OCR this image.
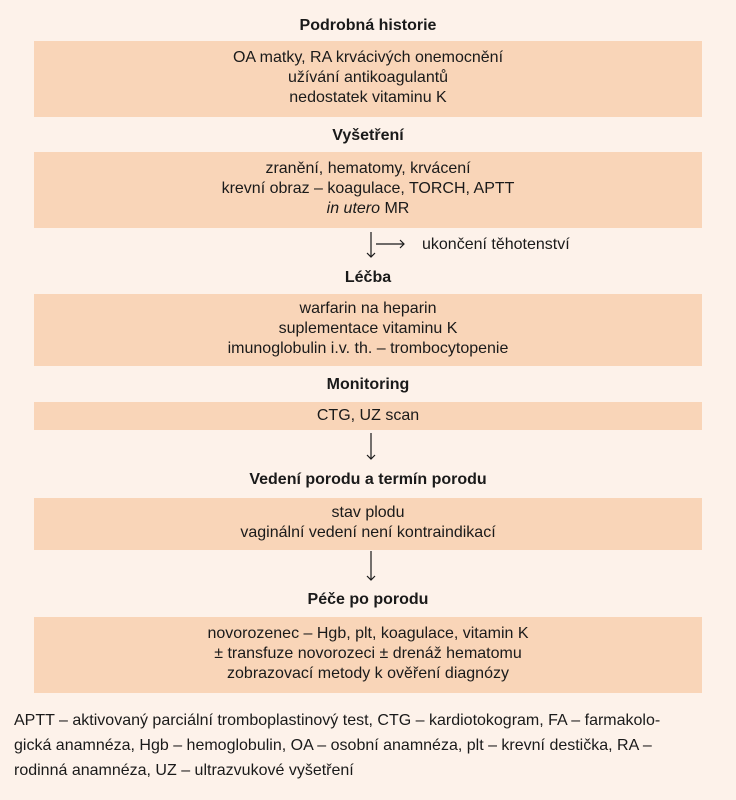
Podrobná historie
OA matky, RA krvácivých onemocnění
užívání antikoagulantů
nedostatek vitaminu K
Vyšetření
zranění, hematomy, krvácení
krevní obraz – koagulace, TORCH, APTT
in utero MR
ukončení těhotenství
Léčba
warfarin na heparin
suplementace vitaminu K
imunoglobulin i.v. th. – trombocytopenie
Monitoring
CTG, UZ scan
Vedení porodu a termín porodu
stav plodu
vaginální vedení není kontraindikací
Péče po porodu
novorozenec – Hgb, plt, koagulace, vitamin K
± transfuze novorozeci ± drenáž hematomu
zobrazovací metody k ověření diagnózy
APTT – aktivovaný parciální tromboplastinový test, CTG – kardiotokogram, FA – farmakolo-
gická anamnéza, Hgb – hemoglobulin, OA – osobní anamnéza, plt – krevní destička, RA –
rodinná anamnéza, UZ – ultrazvukové vyšetření
